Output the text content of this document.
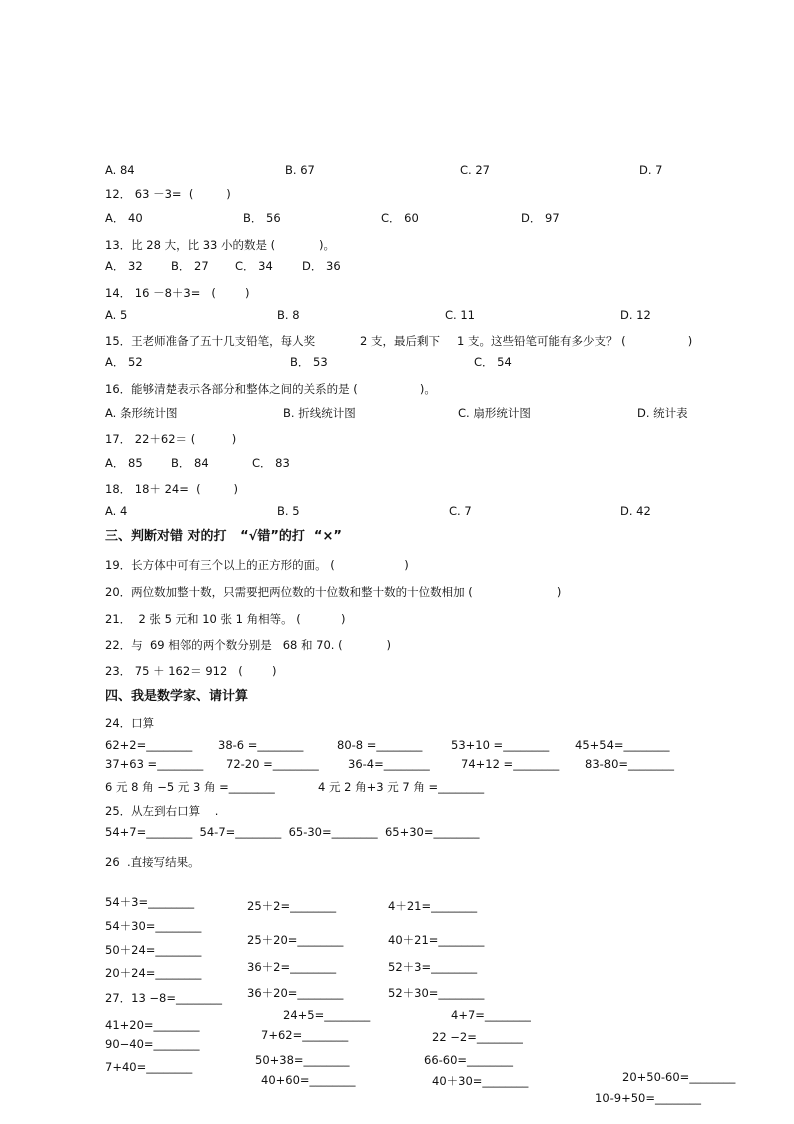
A. 84	B. 67	C. 27	D. 7
12． 63 －3=  (         )
A． 40	B． 56	C． 60	D． 97
13．比 28 大，比 33 小的数是 (            )。
A． 32 B． 27 C． 34	D． 36
14． 16 －8＋3=   (        )
A. 5	B. 8	C. 11	D. 12
15．王老师准备了五十几支铅笔，每人奖	2 支，最后剩下 1 支。这些铅笔可能有多少支？ (                 )
A． 52	B． 53	C． 54
16．能够清楚表示各部分和整体之间的关系的是 (                 )。
A. 条形统计图	B. 折线统计图	C. 扇形统计图	D. 统计表
17． 22＋62＝ (          )
A． 85 B． 84	C． 83
18． 18＋ 24=  (         )
A. 4	B. 5	C. 7	D. 42
三、判断对错 对的打   “√错”的打  “×”
19．长方体中可有三个以上的正方形的面。 (                   )
20．两位数加整十数，只需要把两位数的十位数和整十数的十位数相加 (                       )
21．  2 张 5 元和 10 张 1 角相等。 (           )
22．与  69 相邻的两个数分别是   68 和 70. (            )
23． 75 ＋ 162＝ 912   (        )
四、我是数学家、请计算
24．口算
62+2=________ 38-6 =________	80-8 =________ 53+10 =________ 45+54=________
37+63 =________ 72-20 =________	36-4=________	74+12 =________ 83-80=________
6 元 8 角 −5 元 3 角 =________	4 元 2 角+3 元 7 角 =________
25．从左到右口算    .
54+7=________  54-7=________  65-30=________  65+30=________
26  .直接写结果。
54＋3=________
54＋30=________
50＋24=________
20＋24=________
27．13 −8=________
41+20=________
90−40=________
7+40=________
25＋2=________
25＋20=________
36＋2=________
36＋20=________
24+5=________
7+62=________
50+38=________
40+60=________
4＋21=________
40＋21=________
52＋3=________
52＋30=________
4+7=________
22 −2=________
66-60=________
40＋30=________	20+50-60=________
10-9+50=________
